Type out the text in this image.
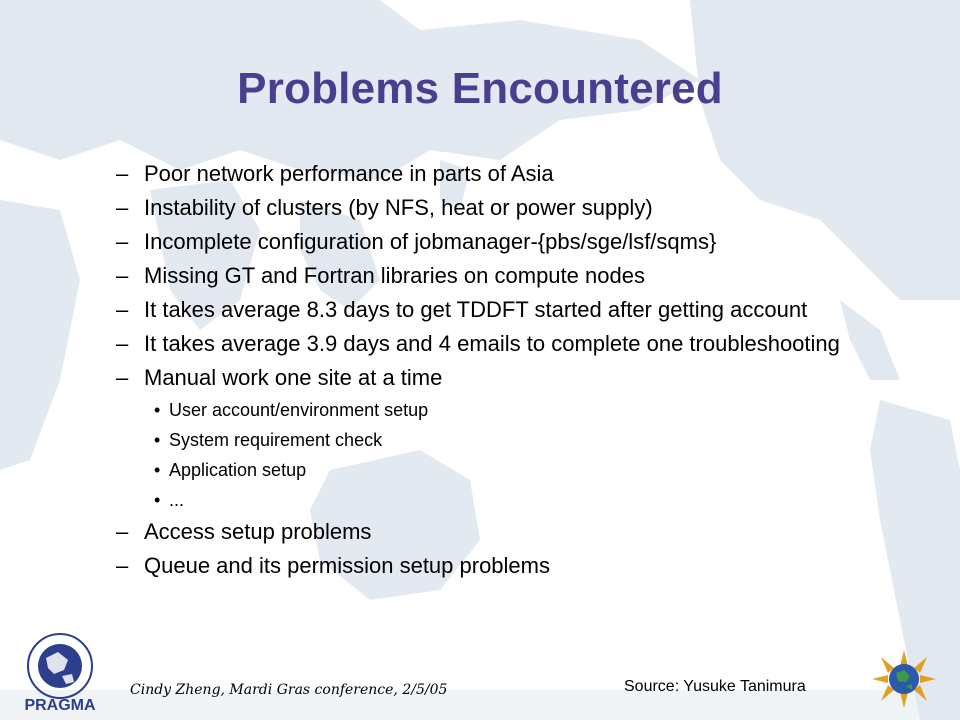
Problems Encountered
– Poor network performance in parts of Asia
– Instability of clusters (by NFS, heat or power supply)
– Incomplete configuration of jobmanager-{pbs/sge/lsf/sqms}
– Missing GT and Fortran libraries on compute nodes
– It takes average 8.3 days to get TDDFT started after getting account
– It takes average 3.9 days and 4 emails to complete one troubleshooting
– Manual work one site at a time
• User account/environment setup
• System requirement check
• Application setup
• ...
– Access setup problems
– Queue and its permission setup problems
PRAGMA
Cindy Zheng, Mardi Gras conference, 2/5/05	Source: Yusuke Tanimura
